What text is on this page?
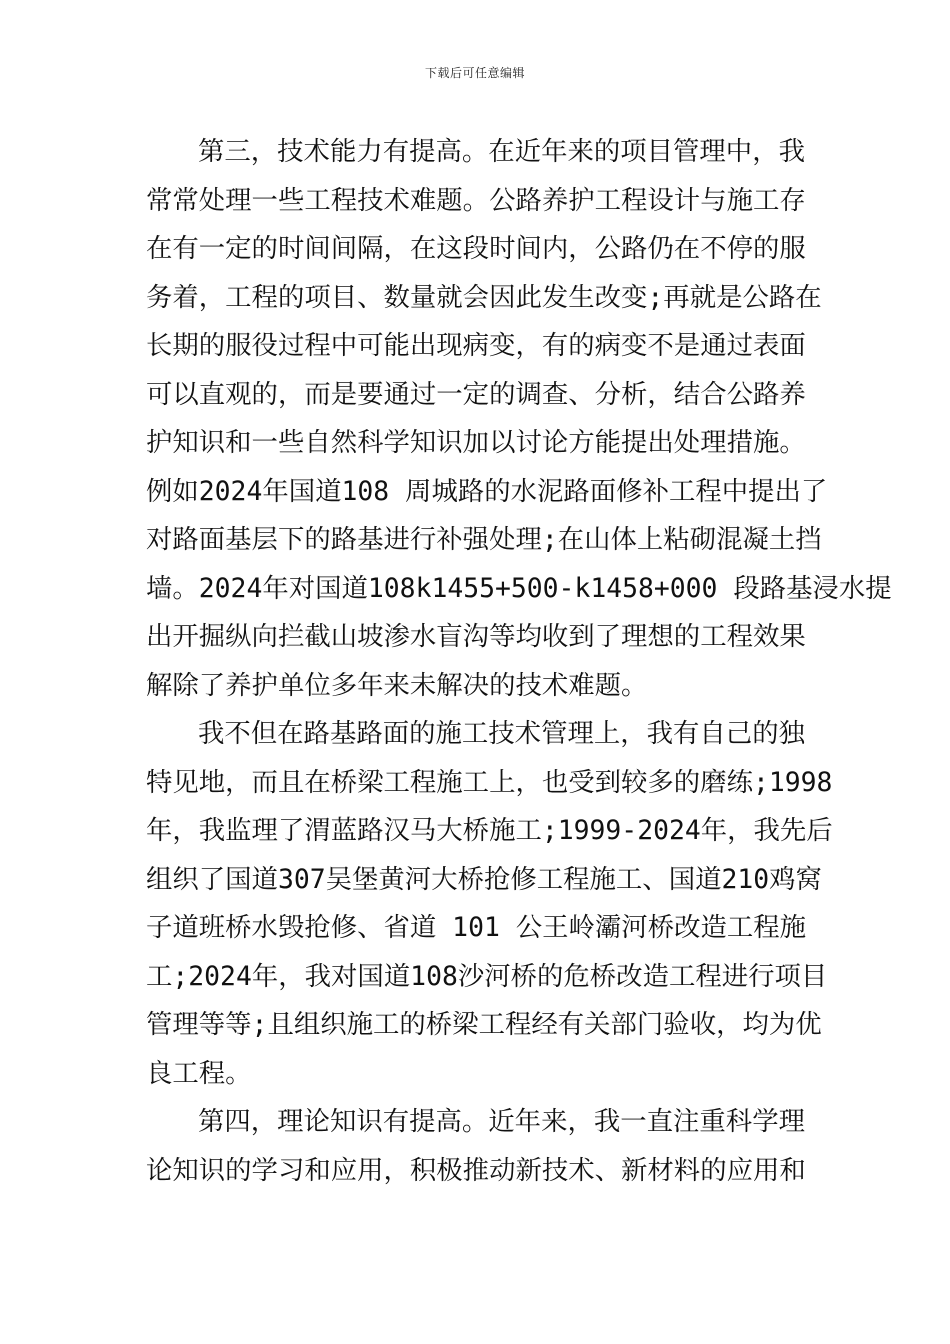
下载后可任意编辑
第三，技术能力有提高。在近年来的项目管理中，我
常常处理一些工程技术难题。公路养护工程设计与施工存
在有一定的时间间隔，在这段时间内，公路仍在不停的服
务着，工程的项目、数量就会因此发生改变;再就是公路在
长期的服役过程中可能出现病变，有的病变不是通过表面
可以直观的，而是要通过一定的调查、分析，结合公路养
护知识和一些自然科学知识加以讨论方能提出处理措施。
例如2024年国道108 周城路的水泥路面修补工程中提出了
对路面基层下的路基进行补强处理;在山体上粘砌混凝土挡
墙。2024年对国道108k1455+500-k1458+000 段路基浸水提
出开掘纵向拦截山坡渗水盲沟等均收到了理想的工程效果
解除了养护单位多年来未解决的技术难题。
我不但在路基路面的施工技术管理上，我有自己的独
特见地，而且在桥梁工程施工上，也受到较多的磨练;1998
年，我监理了渭蓝路汉马大桥施工;1999-2024年，我先后
组织了国道307吴堡黄河大桥抢修工程施工、国道210鸡窝
子道班桥水毁抢修、省道 101 公王岭灞河桥改造工程施
工;2024年，我对国道108沙河桥的危桥改造工程进行项目
管理等等;且组织施工的桥梁工程经有关部门验收，均为优
良工程。
第四，理论知识有提高。近年来，我一直注重科学理
论知识的学习和应用，积极推动新技术、新材料的应用和
